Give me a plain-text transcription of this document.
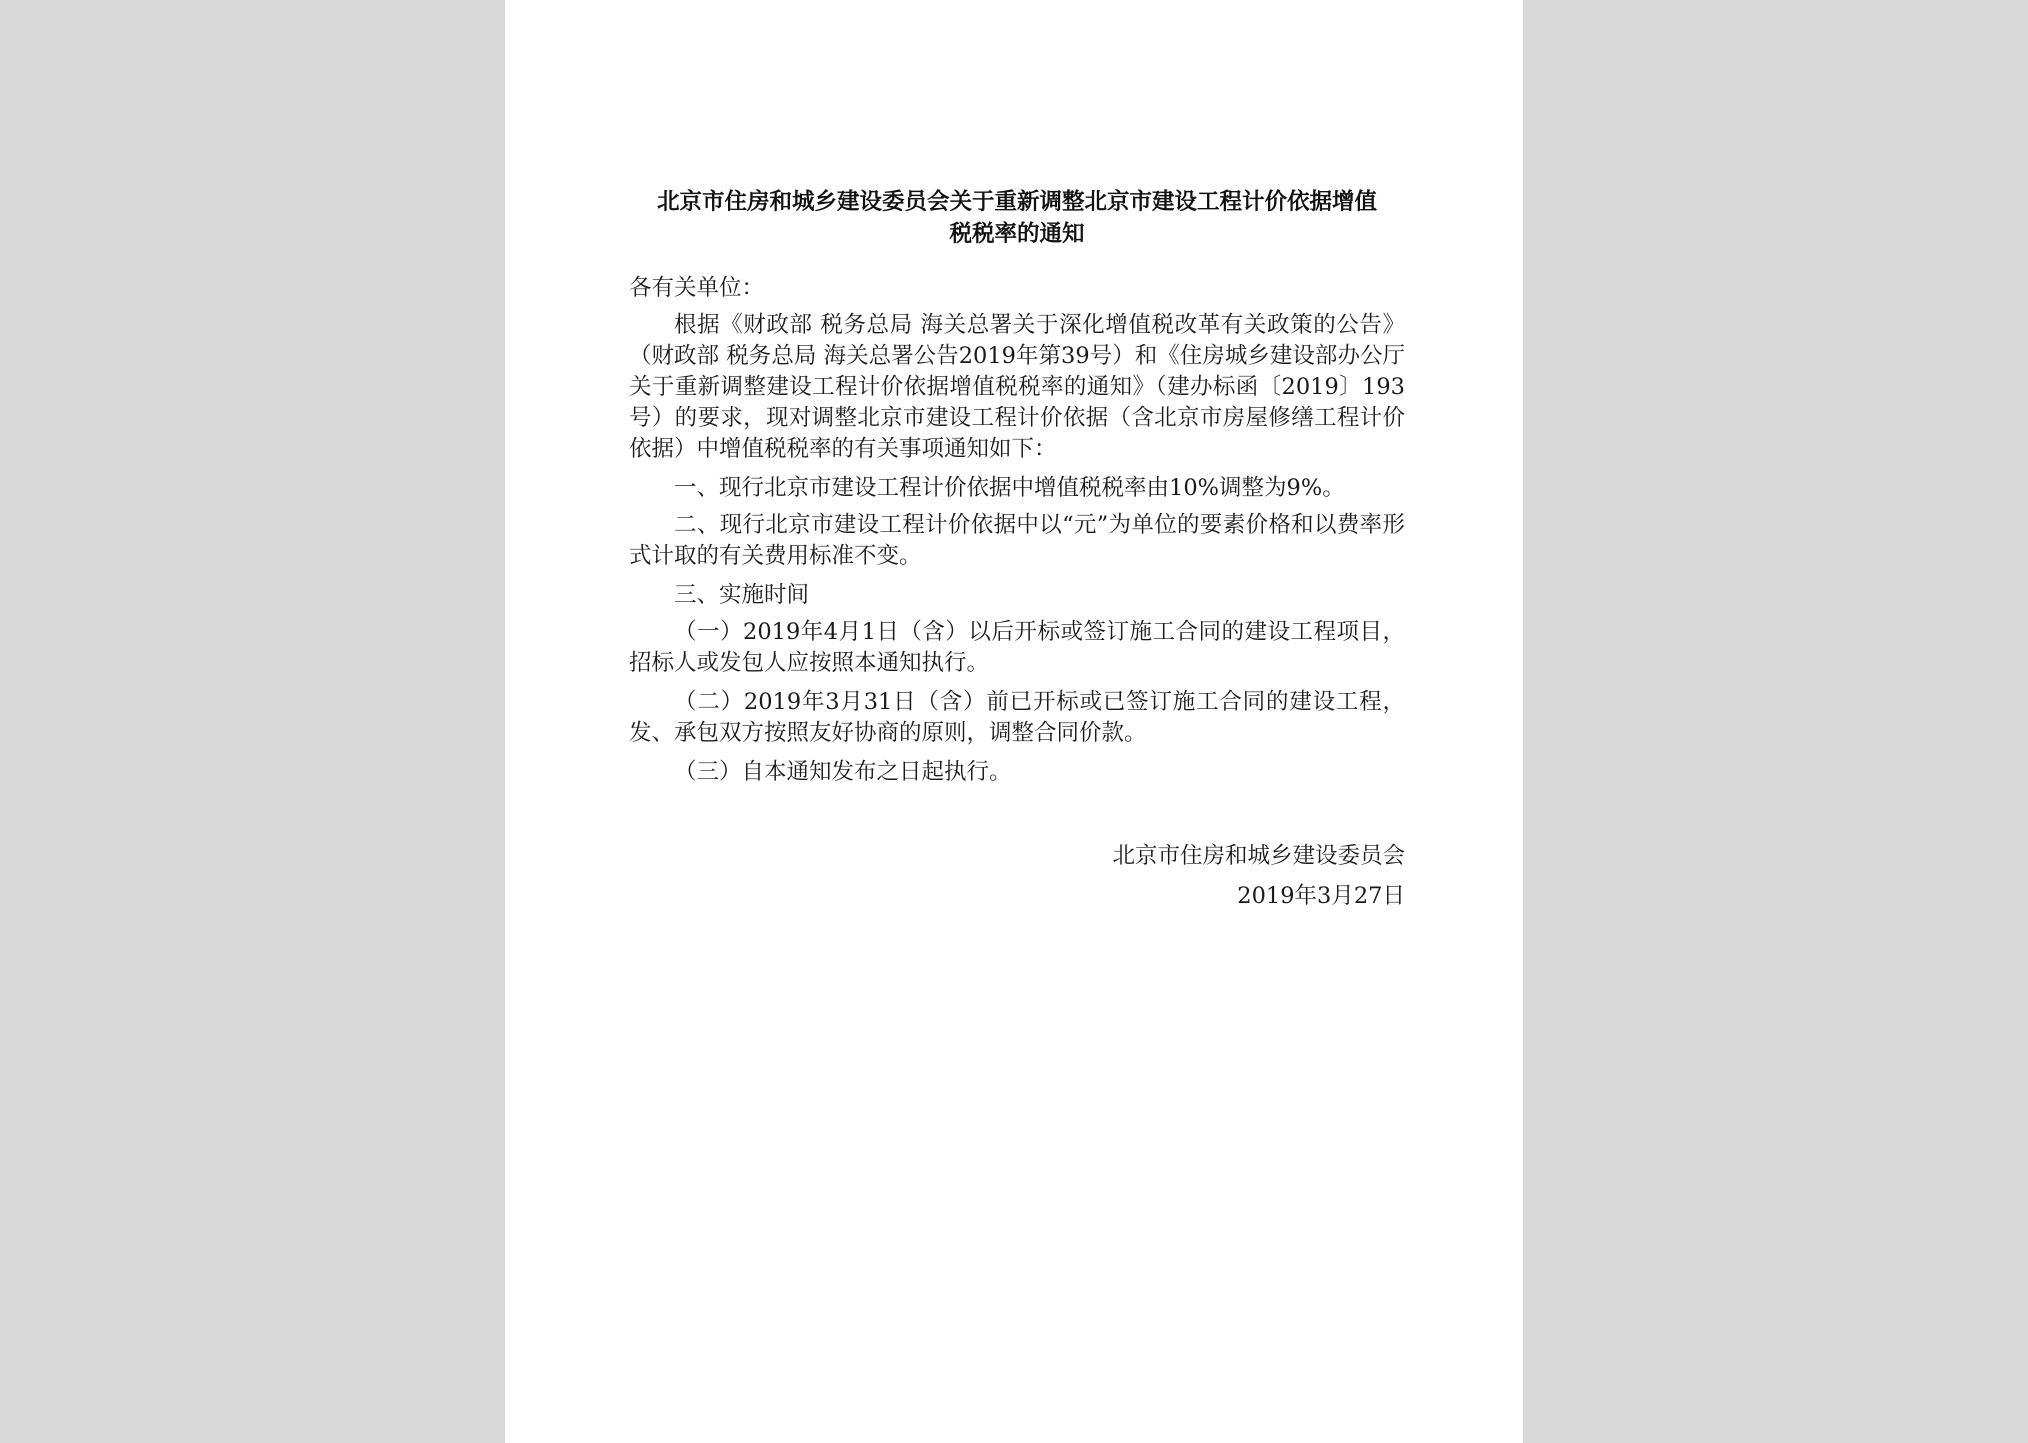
北京市住房和城乡建设委员会关于重新调整北京市建设工程计价依据增值
税税率的通知

各有关单位：

根据《财政部 税务总局 海关总署关于深化增值税改革有关政策的公告》（财政部 税务总局 海关总署公告2019年第39号）和《住房城乡建设部办公厅关于重新调整建设工程计价依据增值税税率的通知》（建办标函〔2019〕193号）的要求，现对调整北京市建设工程计价依据（含北京市房屋修缮工程计价依据）中增值税税率的有关事项通知如下：

一、现行北京市建设工程计价依据中增值税税率由10%调整为9%。

二、现行北京市建设工程计价依据中以“元”为单位的要素价格和以费率形式计取的有关费用标准不变。

三、实施时间

（一）2019年4月1日（含）以后开标或签订施工合同的建设工程项目，招标人或发包人应按照本通知执行。

（二）2019年3月31日（含）前已开标或已签订施工合同的建设工程，发、承包双方按照友好协商的原则，调整合同价款。

（三）自本通知发布之日起执行。

北京市住房和城乡建设委员会
2019年3月27日
